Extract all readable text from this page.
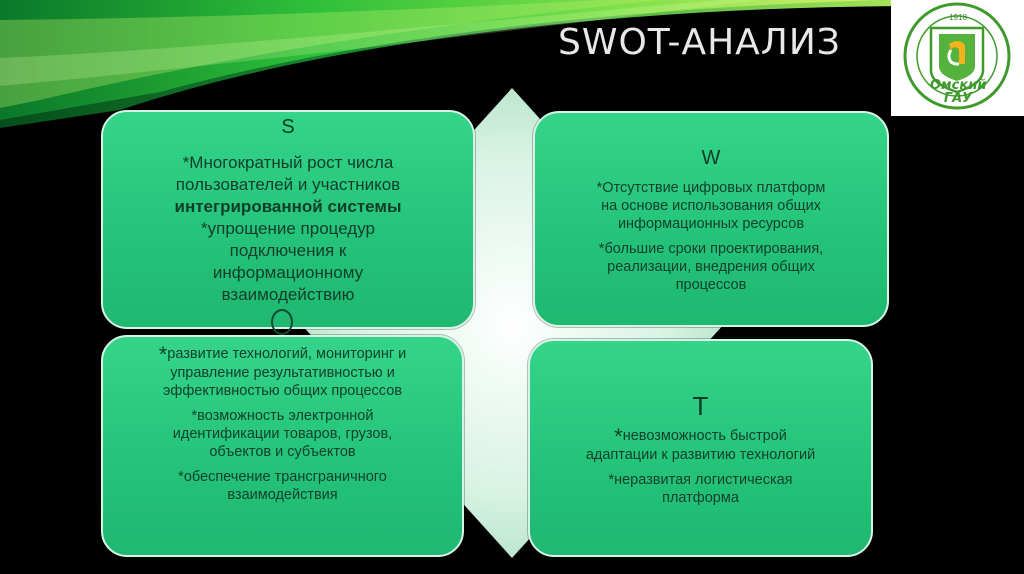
SWOT-АНАЛИЗ
1918
Омский
ГАУ
S
*Многократный рост числа
пользователей и участников
интегрированной системы
*упрощение процедур
подключения к
информационному
взаимодействию
W
*Отсутствие цифровых платформ
на основе использования общих
информационных ресурсов
*большие сроки проектирования,
реализации, внедрения общих
процессов
*развитие технологий, мониторинг и
управление результативностью и
эффективностью общих процессов
*возможность электронной
идентификации товаров, грузов,
объектов и субъектов
*обеспечение трансграничного
взаимодействия
T
*невозможность быстрой
адаптации к развитию технологий
*неразвитая логистическая
платформа
